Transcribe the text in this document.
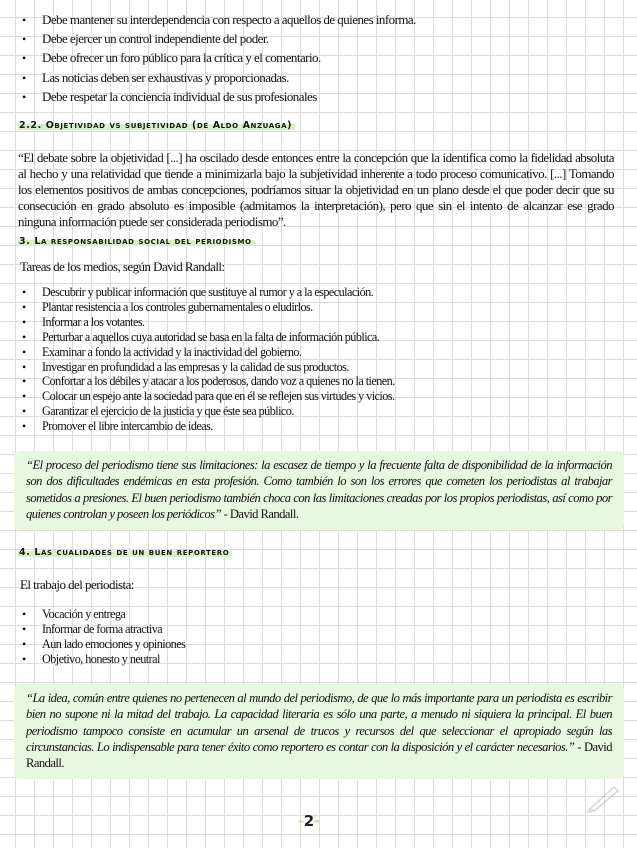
• Debe mantener su interdependencia con respecto a aquellos de quienes informa.
• Debe ejercer un control independiente del poder.
• Debe ofrecer un foro público para la crítica y el comentario.
• Las noticias deben ser exhaustivas y proporcionadas.
• Debe respetar la conciencia individual de sus profesionales
2.2. Objetividad vs subjetividad (de Aldo Anzuaga)
“El debate sobre la objetividad [...] ha oscilado desde entonces entre la concepción que la identifica como la fidelidad absoluta al hecho y una relatividad que tiende a minimizarla bajo la subjetividad inherente a todo proceso comunicativo. [...] Tomando los elementos positivos de ambas concepciones, podríamos situar la objetividad en un plano desde el que poder decir que su consecución en grado absoluto es imposible (admitamos la interpretación), pero que sin el intento de alcanzar ese grado ninguna información puede ser considerada periodismo”.
3. La responsabilidad social del periodismo
Tareas de los medios, según David Randall:
• Descubrir y publicar información que sustituye al rumor y a la especulación.
• Plantar resistencia a los controles gubernamentales o eludirlos.
• Informar a los votantes.
• Perturbar a aquellos cuya autoridad se basa en la falta de información pública.
• Examinar a fondo la actividad y la inactividad del gobierno.
• Investigar en profundidad a las empresas y la calidad de sus productos.
• Confortar a los débiles y atacar a los poderosos, dando voz a quienes no la tienen.
• Colocar un espejo ante la sociedad para que en él se reflejen sus virtudes y vicios.
• Garantizar el ejercicio de la justicia y que éste sea público.
• Promover el libre intercambio de ideas.
“El proceso del periodismo tiene sus limitaciones: la escasez de tiempo y la frecuente falta de disponibilidad de la información son dos dificultades endémicas en esta profesión. Como también lo son los errores que cometen los periodistas al trabajar sometidos a presiones. El buen periodismo también choca con las limitaciones creadas por los propios periodistas, así como por quienes controlan y poseen los periódicos” - David Randall.
4. Las cualidades de un buen reportero
El trabajo del periodista:
• Vocación y entrega
• Informar de forma atractiva
• Aun lado emociones y opiniones
• Objetivo, honesto y neutral
“La idea, común entre quienes no pertenecen al mundo del periodismo, de que lo más importante para un periodista es escribir bien no supone ni la mitad del trabajo. La capacidad literaria es sólo una parte, a menudo ni siquiera la principal. El buen periodismo tampoco consiste en acumular un arsenal de trucos y recursos del que seleccionar el apropiado según las circunstancias. Lo indispensable para tener éxito como reportero es contar con la disposición y el carácter necesarios.” - David Randall.
-2-
